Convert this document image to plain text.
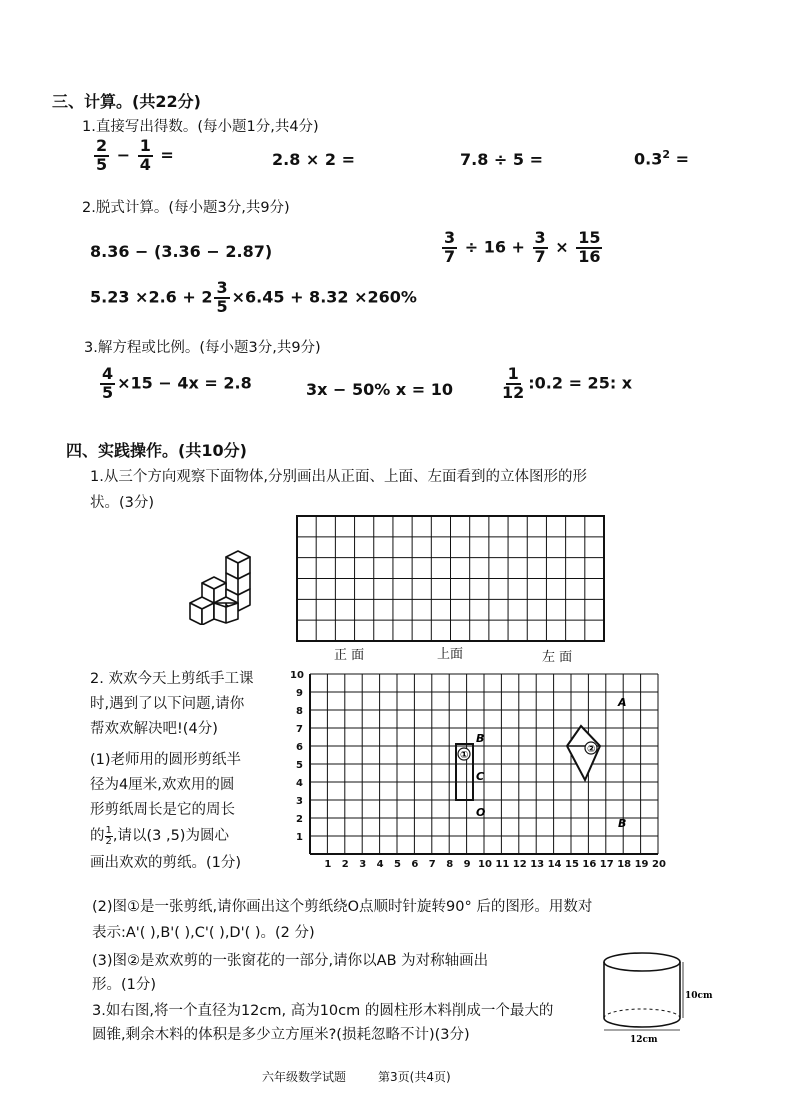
三、计算。(共22分)
1.直接写出得数。(每小题1分,共4分)
$\frac{2}{5} - \frac{1}{4}$ =	2.8 × 2 =	7.8 ÷ 5 =	$0.3^2$ =
2.脱式计算。(每小题3分,共9分)
8.36 − (3.36 − 2.87)	$\frac{3}{7} \div 16 + \frac{3}{7} \times \frac{15}{16}$
$5.23 \times 2.6 + 2 \frac{3}{5} \times 6.45 + 8.32 \times 260\%$
3.解方程或比例。(每小题3分,共9分)
$\frac{4}{5} \times 15 - 4x = 2.8$	3x − 50% x = 10	$\frac{1}{12}$ :0.2 = 25: x
四、实践操作。(共10分)
1.从三个方向观察下面物体,分别画出从正面、上面、左面看到的立体图形的形
状。(3分)
正 面	上面	左 面
2. 欢欢今天上剪纸手工课
时,遇到了以下问题,请你
帮欢欢解决吧!(4分)
(1)老师用的圆形剪纸半
径为4厘米,欢欢用的圆
形剪纸周长是它的周长
的 $\frac{1}{2}$ ,请以(3 ,5)为圆心
画出欢欢的剪纸。(1分)	1 2 3 4 5 6 7 8 9 10 11 12 13 14 15 16 17 18 19 20
1
2
3
4
5
6
7
8
9
10
①
B
C
O
②
A
B
(2)图①是一张剪纸,请你画出这个剪纸绕O点顺时针旋转90° 后的图形。用数对
表示:A'( ),B'( ),C'( ),D'( )。(2 分)
(3)图②是欢欢剪的一张窗花的一部分,请你以AB 为对称轴画出
形。(1分)
3.如右图,将一个直径为12cm, 高为10cm 的圆柱形木料削成一个最大的
圆锥,剩余木料的体积是多少立方厘米?(损耗忽略不计)(3分)
10cm
12cm
六年级数学试题	第3页(共4页)
